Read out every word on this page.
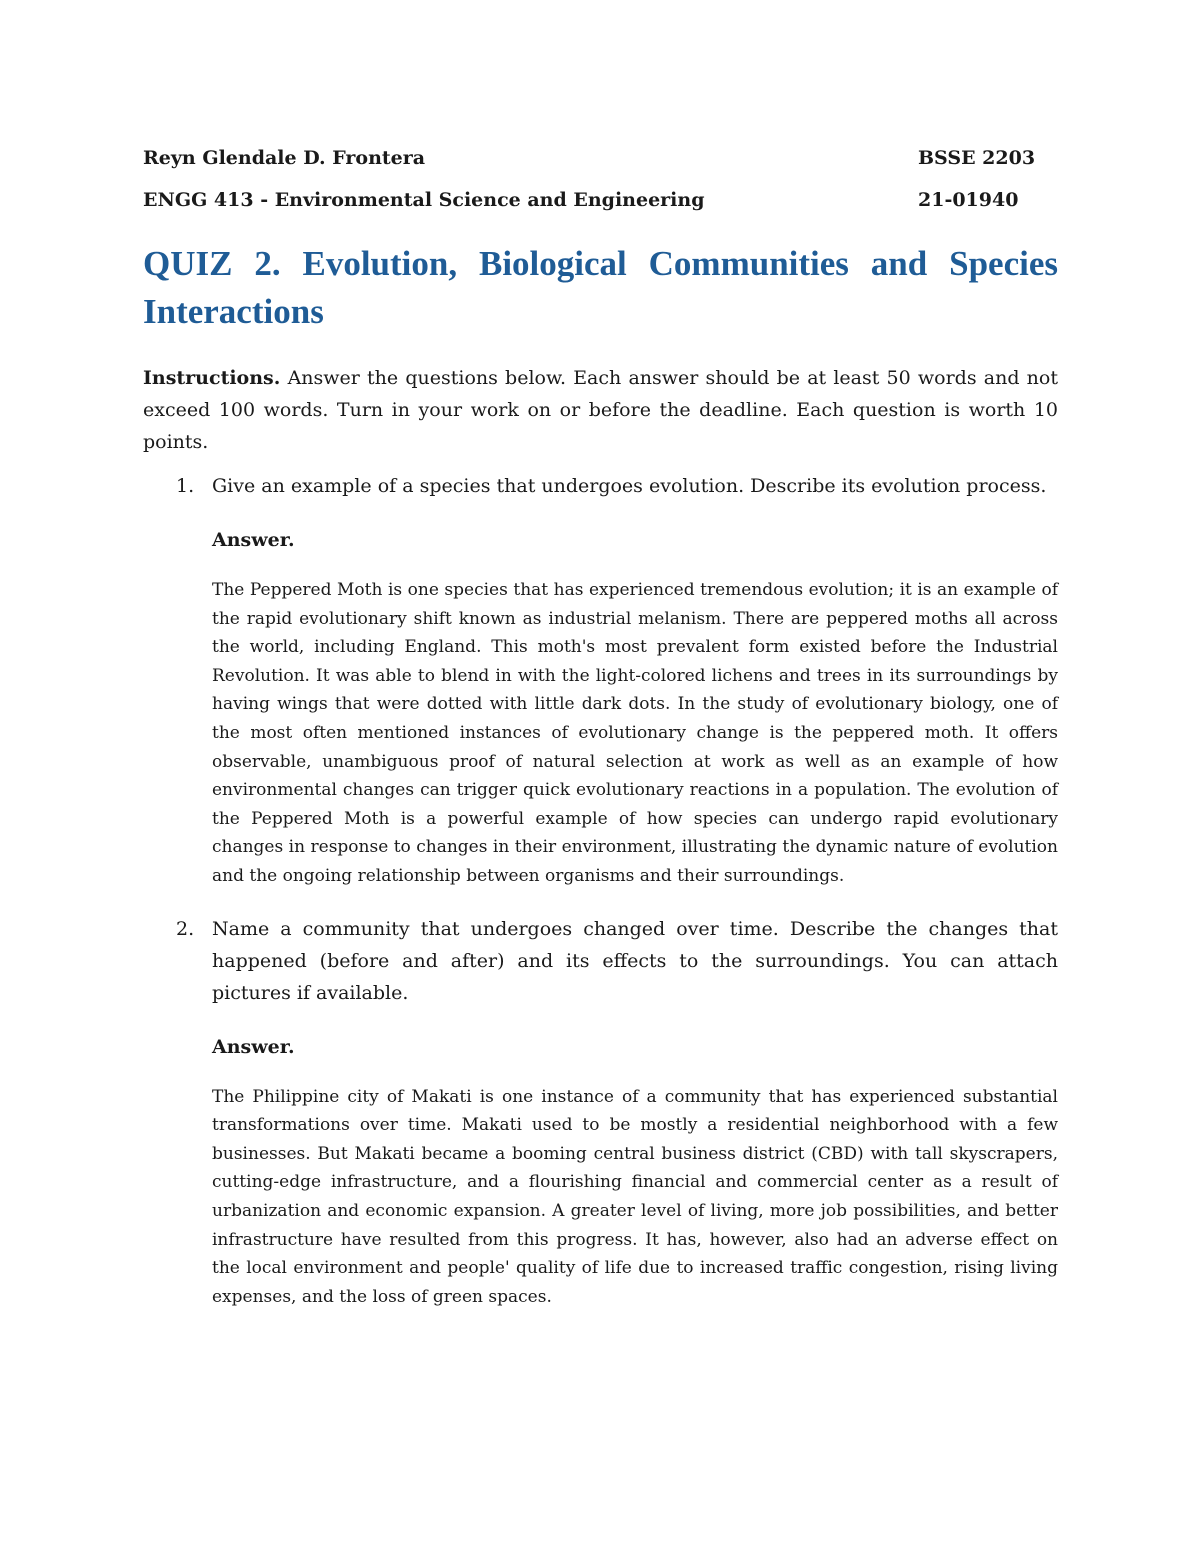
Reyn Glendale D. Frontera	BSSE 2203
ENGG 413 - Environmental Science and Engineering	21-01940
QUIZ 2. Evolution, Biological Communities and Species Interactions

Instructions. Answer the questions below. Each answer should be at least 50 words and not exceed 100 words. Turn in your work on or before the deadline. Each question is worth 10 points.

1. Give an example of a species that undergoes evolution. Describe its evolution process.

Answer.

The Peppered Moth is one species that has experienced tremendous evolution; it is an example of the rapid evolutionary shift known as industrial melanism. There are peppered moths all across the world, including England. This moth's most prevalent form existed before the Industrial Revolution. It was able to blend in with the light-colored lichens and trees in its surroundings by having wings that were dotted with little dark dots. In the study of evolutionary biology, one of the most often mentioned instances of evolutionary change is the peppered moth. It offers observable, unambiguous proof of natural selection at work as well as an example of how environmental changes can trigger quick evolutionary reactions in a population. The evolution of the Peppered Moth is a powerful example of how species can undergo rapid evolutionary changes in response to changes in their environment, illustrating the dynamic nature of evolution and the ongoing relationship between organisms and their surroundings.

2. Name a community that undergoes changed over time. Describe the changes that happened (before and after) and its effects to the surroundings. You can attach pictures if available.

Answer.

The Philippine city of Makati is one instance of a community that has experienced substantial transformations over time. Makati used to be mostly a residential neighborhood with a few businesses. But Makati became a booming central business district (CBD) with tall skyscrapers, cutting-edge infrastructure, and a flourishing financial and commercial center as a result of urbanization and economic expansion. A greater level of living, more job possibilities, and better infrastructure have resulted from this progress. It has, however, also had an adverse effect on the local environment and people' quality of life due to increased traffic congestion, rising living expenses, and the loss of green spaces.
